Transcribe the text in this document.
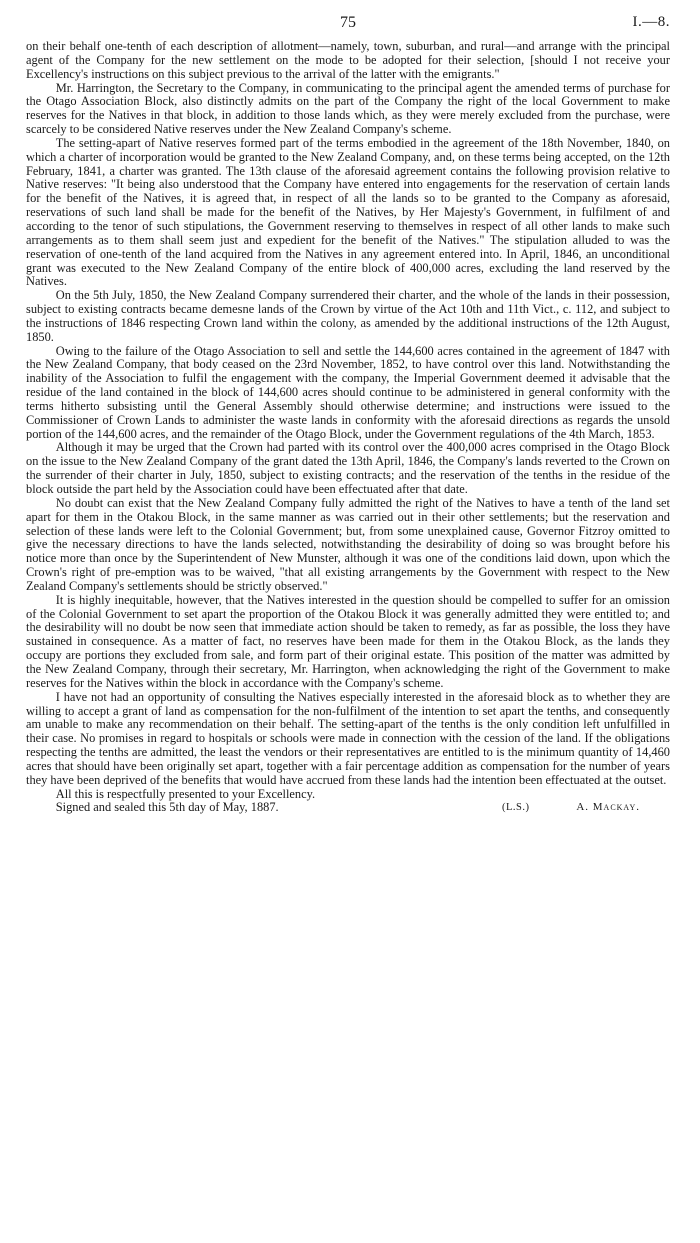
75	I.—8.

on their behalf one-tenth of each description of allotment—namely, town, suburban, and rural—and arrange with the principal agent of the Company for the new settlement on the mode to be adopted for their selection, [should I not receive your Excellency's instructions on this subject previous to the arrival of the latter with the emigrants."

Mr. Harrington, the Secretary to the Company, in communicating to the principal agent the amended terms of purchase for the Otago Association Block, also distinctly admits on the part of the Company the right of the local Government to make reserves for the Natives in that block, in addition to those lands which, as they were merely excluded from the purchase, were scarcely to be considered Native reserves under the New Zealand Company's scheme.

The setting-apart of Native reserves formed part of the terms embodied in the agreement of the 18th November, 1840, on which a charter of incorporation would be granted to the New Zealand Company, and, on these terms being accepted, on the 12th February, 1841, a charter was granted. The 13th clause of the aforesaid agreement contains the following provision relative to Native reserves: "It being also understood that the Company have entered into engagements for the reservation of certain lands for the benefit of the Natives, it is agreed that, in respect of all the lands so to be granted to the Company as aforesaid, reservations of such land shall be made for the benefit of the Natives, by Her Majesty's Government, in fulfilment of and according to the tenor of such stipulations, the Government reserving to themselves in respect of all other lands to make such arrangements as to them shall seem just and expedient for the benefit of the Natives." The stipulation alluded to was the reservation of one-tenth of the land acquired from the Natives in any agreement entered into. In April, 1846, an unconditional grant was executed to the New Zealand Company of the entire block of 400,000 acres, excluding the land reserved by the Natives.

On the 5th July, 1850, the New Zealand Company surrendered their charter, and the whole of the lands in their possession, subject to existing contracts became demesne lands of the Crown by virtue of the Act 10th and 11th Vict., c. 112, and subject to the instructions of 1846 respecting Crown land within the colony, as amended by the additional instructions of the 12th August, 1850.

Owing to the failure of the Otago Association to sell and settle the 144,600 acres contained in the agreement of 1847 with the New Zealand Company, that body ceased on the 23rd November, 1852, to have control over this land. Notwithstanding the inability of the Association to fulfil the engagement with the company, the Imperial Government deemed it advisable that the residue of the land contained in the block of 144,600 acres should continue to be administered in general conformity with the terms hitherto subsisting until the General Assembly should otherwise determine; and instructions were issued to the Commissioner of Crown Lands to administer the waste lands in conformity with the aforesaid directions as regards the unsold portion of the 144,600 acres, and the remainder of the Otago Block, under the Government regulations of the 4th March, 1853.

Although it may be urged that the Crown had parted with its control over the 400,000 acres comprised in the Otago Block on the issue to the New Zealand Company of the grant dated the 13th April, 1846, the Company's lands reverted to the Crown on the surrender of their charter in July, 1850, subject to existing contracts; and the reservation of the tenths in the residue of the block outside the part held by the Association could have been effectuated after that date.

No doubt can exist that the New Zealand Company fully admitted the right of the Natives to have a tenth of the land set apart for them in the Otakou Block, in the same manner as was carried out in their other settlements; but the reservation and selection of these lands were left to the Colonial Government; but, from some unexplained cause, Governor Fitzroy omitted to give the necessary directions to have the lands selected, notwithstanding the desirability of doing so was brought before his notice more than once by the Superintendent of New Munster, although it was one of the conditions laid down, upon which the Crown's right of pre-emption was to be waived, "that all existing arrangements by the Government with respect to the New Zealand Company's settlements should be strictly observed."

It is highly inequitable, however, that the Natives interested in the question should be compelled to suffer for an omission of the Colonial Government to set apart the proportion of the Otakou Block it was generally admitted they were entitled to; and the desirability will no doubt be now seen that immediate action should be taken to remedy, as far as possible, the loss they have sustained in consequence. As a matter of fact, no reserves have been made for them in the Otakou Block, as the lands they occupy are portions they excluded from sale, and form part of their original estate. This position of the matter was admitted by the New Zealand Company, through their secretary, Mr. Harrington, when acknowledging the right of the Government to make reserves for the Natives within the block in accordance with the Company's scheme.

I have not had an opportunity of consulting the Natives especially interested in the aforesaid block as to whether they are willing to accept a grant of land as compensation for the non-fulfilment of the intention to set apart the tenths, and consequently am unable to make any recommendation on their behalf. The setting-apart of the tenths is the only condition left unfulfilled in their case. No promises in regard to hospitals or schools were made in connection with the cession of the land. If the obligations respecting the tenths are admitted, the least the vendors or their representatives are entitled to is the minimum quantity of 14,460 acres that should have been originally set apart, together with a fair percentage addition as compensation for the number of years they have been deprived of the benefits that would have accrued from these lands had the intention been effectuated at the outset.

All this is respectfully presented to your Excellency.

Signed and sealed this 5th day of May, 1887.	(L.S.)	A. Mackay.
